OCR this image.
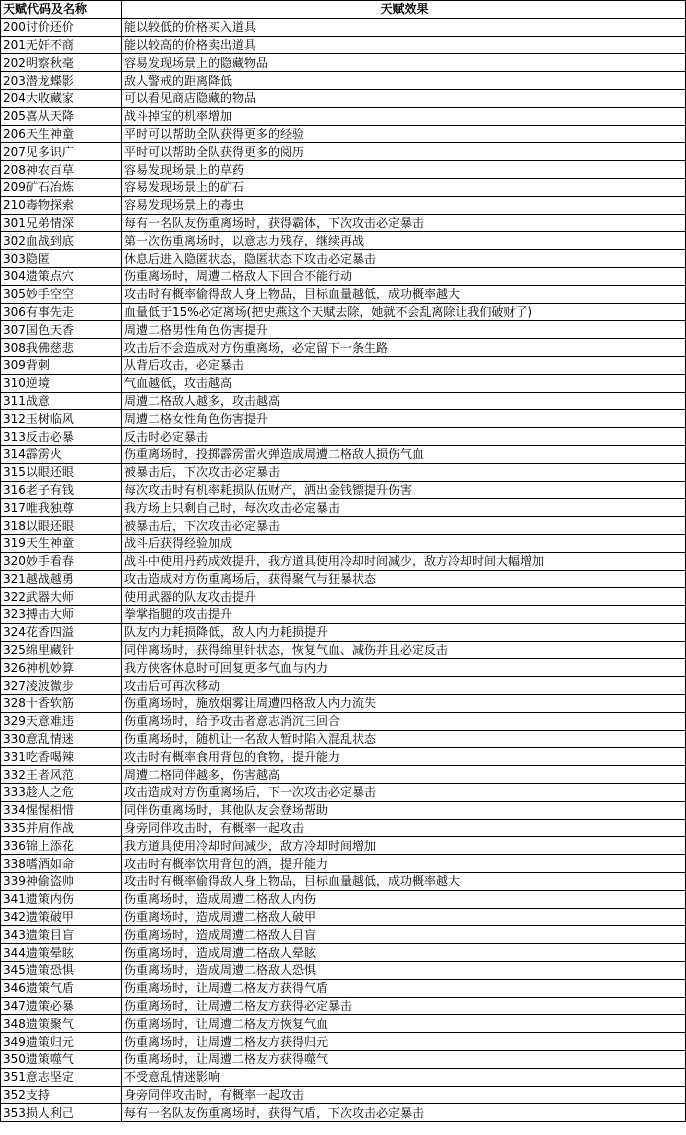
天赋代码及名称	天赋效果
200讨价还价	能以较低的价格买入道具
201无奸不商	能以较高的价格卖出道具
202明察秋毫	容易发现场景上的隐藏物品
203潜龙蝶影	敌人警戒的距离降低
204大收藏家	可以看见商店隐藏的物品
205喜从天降	战斗掉宝的机率增加
206天生神童	平时可以帮助全队获得更多的经验
207见多识广	平时可以帮助全队获得更多的阅历
208神农百草	容易发现场景上的草药
209矿石冶炼	容易发现场景上的矿石
210毒物探索	容易发现场景上的毒虫
301兄弟情深	每有一名队友伤重离场时，获得霸体，下次攻击必定暴击
302血战到底	第一次伤重离场时，以意志力残存，继续再战
303隐匿	休息后进入隐匿状态，隐匿状态下攻击必定暴击
304遗策点穴	伤重离场时，周遭二格敌人下回合不能行动
305妙手空空	攻击时有概率偷得敌人身上物品，目标血量越低，成功概率越大
306有事先走	血量低于15%必定离场(把史燕这个天赋去除，她就不会乱离除让我们破财了)
307国色天香	周遭二格男性角色伤害提升
308我佛慈悲	攻击后不会造成对方伤重离场，必定留下一条生路
309背刺	从背后攻击，必定暴击
310逆境	气血越低，攻击越高
311战意	周遭二格敌人越多，攻击越高
312玉树临风	周遭二格女性角色伤害提升
313反击必暴	反击时必定暴击
314霹雳火	伤重离场时，投掷霹雳雷火弹造成周遭二格敌人损伤气血
315以眼还眼	被暴击后，下次攻击必定暴击
316老子有钱	每次攻击时有机率耗损队伍财产，洒出金钱镖提升伤害
317唯我独尊	我方场上只剩自己时，每次攻击必定暴击
318以眼还眼	被暴击后，下次攻击必定暴击
319天生神童	战斗后获得经验加成
320妙手看春	战斗中使用丹药成效提升，我方道具使用冷却时间减少，敌方冷却时间大幅增加
321越战越勇	攻击造成对方伤重离场后，获得聚气与狂暴状态
322武器大师	使用武器的队友攻击提升
323搏击大师	拳掌指腿的攻击提升
324花香四溢	队友内力耗损降低，敌人内力耗损提升
325绵里藏针	同伴离场时，获得绵里针状态，恢复气血、减伤并且必定反击
326神机妙算	我方侠客休息时可回复更多气血与内力
327凌波微步	攻击后可再次移动
328十香软筋	伤重离场时，施放烟雾让周遭四格敌人内力流失
329天意难违	伤重离场时，给予攻击者意志消沉三回合
330意乱情迷	伤重离场时，随机让一名敌人暂时陷入混乱状态
331吃香喝辣	攻击时有概率食用背包的食物，提升能力
332王者风范	周遭二格同伴越多，伤害越高
333趁人之危	攻击造成对方伤重离场后，下一次攻击必定暴击
334惺惺相惜	同伴伤重离场时，其他队友会登场帮助
335并肩作战	身旁同伴攻击时，有概率一起攻击
336锦上添花	我方道具使用冷却时间减少，敌方冷却时间增加
338嗜酒如命	攻击时有概率饮用背包的酒，提升能力
339神偷盗帅	攻击时有概率偷得敌人身上物品，目标血量越低，成功概率越大
341遗策内伤	伤重离场时，造成周遭二格敌人内伤
342遗策破甲	伤重离场时，造成周遭二格敌人破甲
343遗策目盲	伤重离场时，造成周遭二格敌人目盲
344遗策晕眩	伤重离场时，造成周遭二格敌人晕眩
345遗策恐惧	伤重离场时，造成周遭二格敌人恐惧
346遗策气盾	伤重离场时，让周遭二格友方获得气盾
347遗策必暴	伤重离场时，让周遭二格友方获得必定暴击
348遗策聚气	伤重离场时，让周遭二格友方恢复气血
349遗策归元	伤重离场时，让周遭二格友方获得归元
350遗策噬气	伤重离场时，让周遭二格友方获得噬气
351意志坚定	不受意乱情迷影响
352支持	身旁同伴攻击时，有概率一起攻击
353损人利己	每有一名队友伤重离场时，获得气盾，下次攻击必定暴击
